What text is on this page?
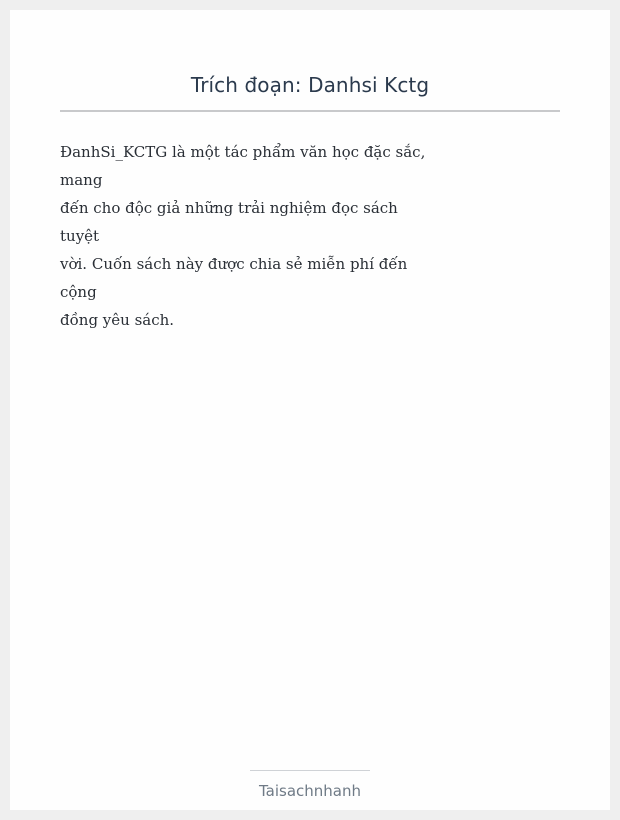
Trích đoạn: Danhsi Kctg
ĐanhSi_KCTG là một tác phẩm văn học đặc sắc,
mang
đến cho độc giả những trải nghiệm đọc sách
tuyệt
vời. Cuốn sách này được chia sẻ miễn phí đến
cộng
đồng yêu sách.
Taisachnhanh
